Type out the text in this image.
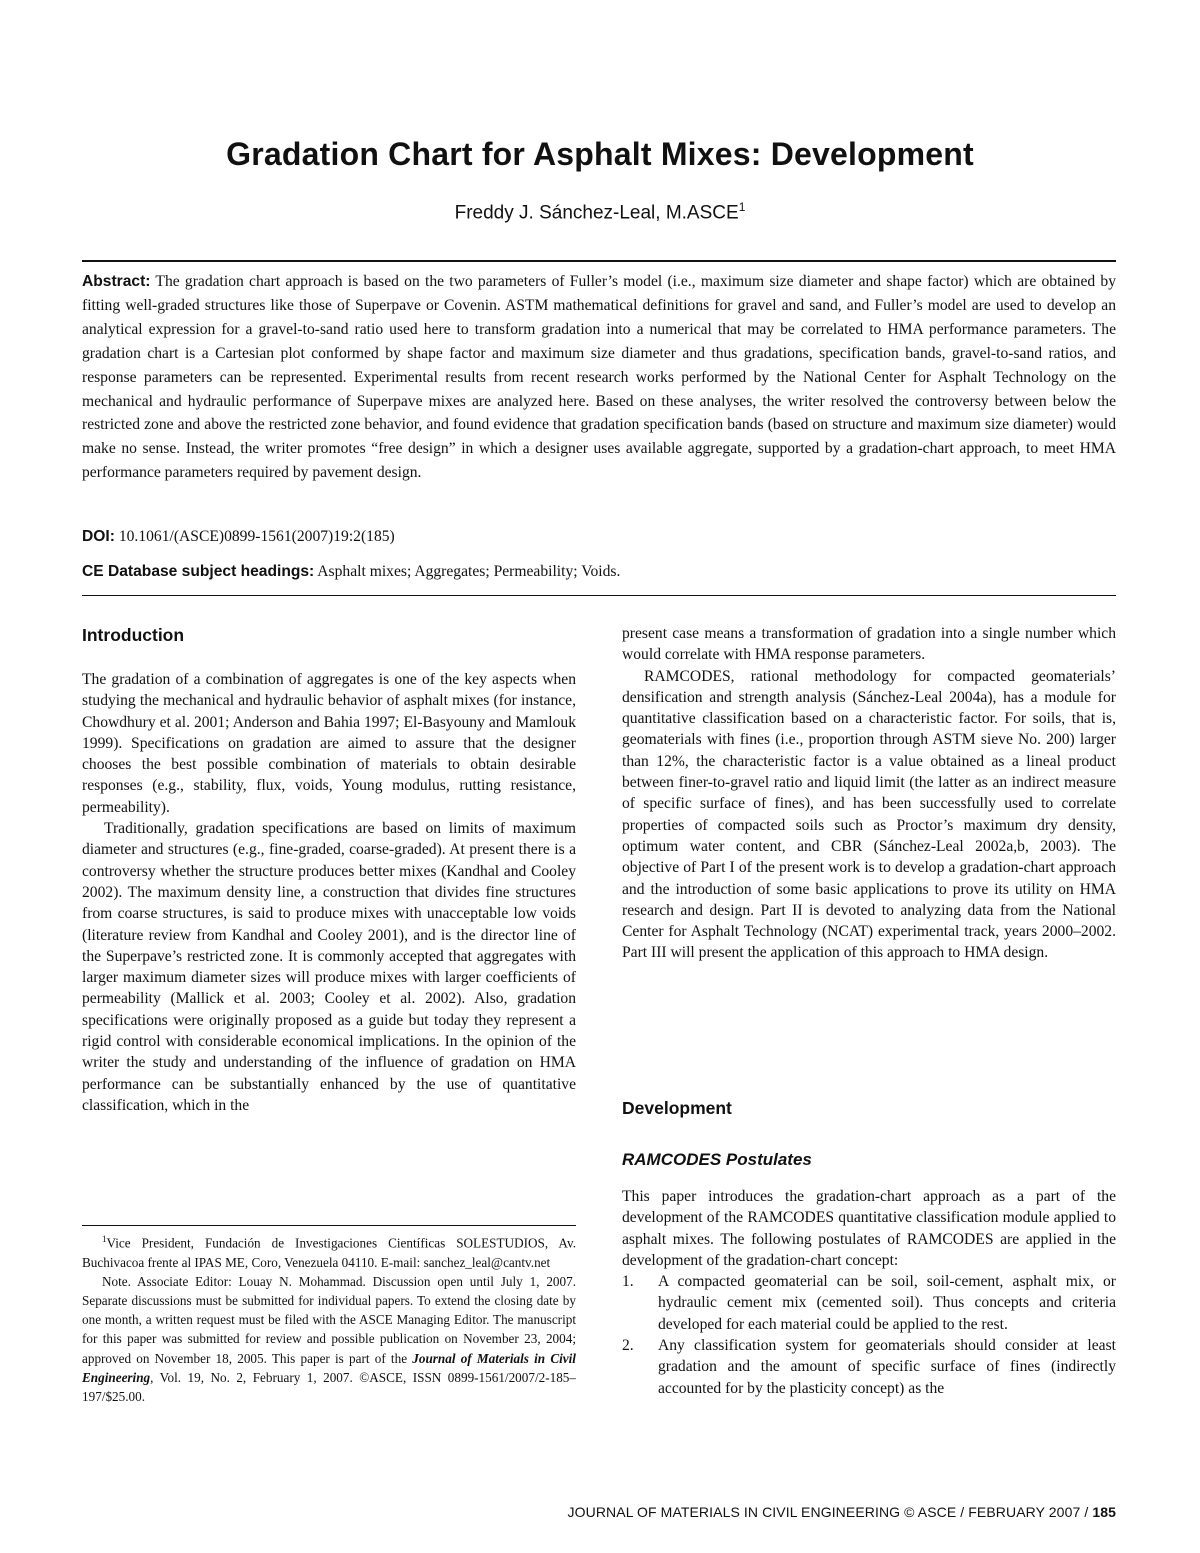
Gradation Chart for Asphalt Mixes: Development
Freddy J. Sánchez-Leal, M.ASCE$^1$
Abstract: The gradation chart approach is based on the two parameters of Fuller’s model (i.e., maximum size diameter and shape factor) which are obtained by fitting well-graded structures like those of Superpave or Covenin. ASTM mathematical definitions for gravel and sand, and Fuller’s model are used to develop an analytical expression for a gravel-to-sand ratio used here to transform gradation into a numerical that may be correlated to HMA performance parameters. The gradation chart is a Cartesian plot conformed by shape factor and maximum size diameter and thus gradations, specification bands, gravel-to-sand ratios, and response parameters can be represented. Experimental results from recent research works performed by the National Center for Asphalt Technology on the mechanical and hydraulic performance of Superpave mixes are analyzed here. Based on these analyses, the writer resolved the controversy between below the restricted zone and above the restricted zone behavior, and found evidence that gradation specification bands (based on structure and maximum size diameter) would make no sense. Instead, the writer promotes “free design” in which a designer uses available aggregate, supported by a gradation-chart approach, to meet HMA performance parameters required by pavement design.
DOI: 10.1061/(ASCE)0899-1561(2007)19:2(185)
CE Database subject headings: Asphalt mixes; Aggregates; Permeability; Voids.
Introduction

The gradation of a combination of aggregates is one of the key aspects when studying the mechanical and hydraulic behavior of asphalt mixes (for instance, Chowdhury et al. 2001; Anderson and Bahia 1997; El-Basyouny and Mamlouk 1999). Specifications on gradation are aimed to assure that the designer chooses the best possible combination of materials to obtain desirable responses (e.g., stability, flux, voids, Young modulus, rutting resistance, permeability).

Traditionally, gradation specifications are based on limits of maximum diameter and structures (e.g., fine-graded, coarse-graded). At present there is a controversy whether the structure produces better mixes (Kandhal and Cooley 2002). The maximum density line, a construction that divides fine structures from coarse structures, is said to produce mixes with unacceptable low voids (literature review from Kandhal and Cooley 2001), and is the director line of the Superpave’s restricted zone. It is commonly accepted that aggregates with larger maximum diameter sizes will produce mixes with larger coefficients of permeability (Mallick et al. 2003; Cooley et al. 2002). Also, gradation specifications were originally proposed as a guide but today they represent a rigid control with considerable economical implications. In the opinion of the writer the study and understanding of the influence of gradation on HMA performance can be substantially enhanced by the use of quantitative classification, which in the

present case means a transformation of gradation into a single number which would correlate with HMA response parameters.

RAMCODES, rational methodology for compacted geomaterials’ densification and strength analysis (Sánchez-Leal 2004a), has a module for quantitative classification based on a characteristic factor. For soils, that is, geomaterials with fines (i.e., proportion through ASTM sieve No. 200) larger than 12%, the characteristic factor is a value obtained as a lineal product between finer-to-gravel ratio and liquid limit (the latter as an indirect measure of specific surface of fines), and has been successfully used to correlate properties of compacted soils such as Proctor’s maximum dry density, optimum water content, and CBR (Sánchez-Leal 2002a,b, 2003). The objective of Part I of the present work is to develop a gradation-chart approach and the introduction of some basic applications to prove its utility on HMA research and design. Part II is devoted to analyzing data from the National Center for Asphalt Technology (NCAT) experimental track, years 2000–2002. Part III will present the application of this approach to HMA design.

Development
RAMCODES Postulates

This paper introduces the gradation-chart approach as a part of the development of the RAMCODES quantitative classification module applied to asphalt mixes. The following postulates of RAMCODES are applied in the development of the gradation-chart concept:

1. A compacted geomaterial can be soil, soil-cement, asphalt mix, or hydraulic cement mix (cemented soil). Thus concepts and criteria developed for each material could be applied to the rest.
2. Any classification system for geomaterials should consider at least gradation and the amount of specific surface of fines (indirectly accounted for by the plasticity concept) as the

$^1$Vice President, Fundación de Investigaciones Científicas SOLESTUDIOS, Av. Buchivacoa frente al IPAS ME, Coro, Venezuela 04110. E-mail: sanchez_leal@cantv.net

Note. Associate Editor: Louay N. Mohammad. Discussion open until July 1, 2007. Separate discussions must be submitted for individual papers. To extend the closing date by one month, a written request must be filed with the ASCE Managing Editor. The manuscript for this paper was submitted for review and possible publication on November 23, 2004; approved on November 18, 2005. This paper is part of the Journal of Materials in Civil Engineering, Vol. 19, No. 2, February 1, 2007. ©ASCE, ISSN 0899-1561/2007/2-185–197/$25.00.

JOURNAL OF MATERIALS IN CIVIL ENGINEERING © ASCE / FEBRUARY 2007 / 185
